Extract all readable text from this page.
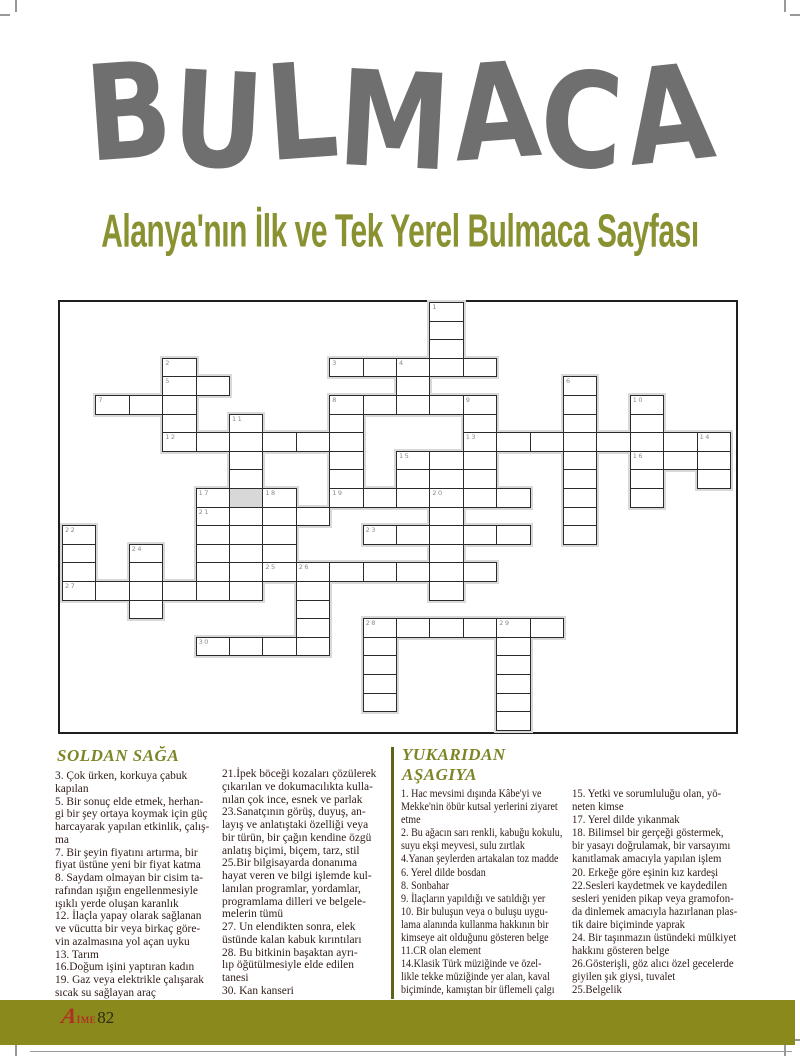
BULMACA
Alanya'nın İlk ve Tek Yerel Bulmaca Sayfası
1
2
5
12
3	4
6
7	8	9
13
10
16
11
14
15
17
21
18	19	20
22
27
23
24
25	26
28	29
30
SOLDAN SAĞA	YUKARIDAN
AŞAGIYA
3. Çok ürken, korkuya çabuk
kapılan
5. Bir sonuç elde etmek, herhan-
gi bir şey ortaya koymak için güç
harcayarak yapılan etkinlik, çalış-
ma
7. Bir şeyin fiyatını artırma, bir
fiyat üstüne yeni bir fiyat katma
8. Saydam olmayan bir cisim ta-
rafından ışığın engellenmesiyle
ışıklı yerde oluşan karanlık
12. İlaçla yapay olarak sağlanan
ve vücutta bir veya birkaç göre-
vin azalmasına yol açan uyku
13. Tarım
16.Doğum işini yaptıran kadın
19. Gaz veya elektrikle çalışarak
sıcak su sağlayan araç
21.İpek böceği kozaları çözülerek
çıkarılan ve dokumacılıkta kulla-
nılan çok ince, esnek ve parlak
23.Sanatçının görüş, duyuş, an-
layış ve anlatıştaki özelliği veya
bir türün, bir çağın kendine özgü
anlatış biçimi, biçem, tarz, stil
25.Bir bilgisayarda donanıma
hayat veren ve bilgi işlemde kul-
lanılan programlar, yordamlar,
programlama dilleri ve belgele-
melerin tümü
27. Un elendikten sonra, elek
üstünde kalan kabuk kırıntıları
28. Bu bitkinin başaktan ayrı-
lıp öğütülmesiyle elde edilen
tanesi
30. Kan kanseri
1. Hac mevsimi dışında Kâbe'yi ve
Mekke'nin öbür kutsal yerlerini ziyaret
etme
2. Bu ağacın sarı renkli, kabuğu kokulu,
suyu ekşi meyvesi, sulu zırtlak
4.Yanan şeylerden artakalan toz madde
6. Yerel dilde bosdan
8. Sonbahar
9. İlaçların yapıldığı ve satıldığı yer
10. Bir buluşun veya o buluşu uygu-
lama alanında kullanma hakkının bir
kimseye ait olduğunu gösteren belge
11.CR olan element
14.Klasik Türk müziğinde ve özel-
likle tekke müziğinde yer alan, kaval
biçiminde, kamıştan bir üflemeli çalgı
15. Yetki ve sorumluluğu olan, yö-
neten kimse
17. Yerel dilde yıkanmak
18. Bilimsel bir gerçeği göstermek,
bir yasayı doğrulamak, bir varsayımı
kanıtlamak amacıyla yapılan işlem
20. Erkeğe göre eşinin kız kardeşi
22.Sesleri kaydetmek ve kaydedilen
sesleri yeniden pikap veya gramofon-
da dinlemek amacıyla hazırlanan plas-
tik daire biçiminde yaprak
24. Bir taşınmazın üstündeki mülkiyet
hakkını gösteren belge
26.Gösterişli, göz alıcı özel gecelerde
giyilen şık giysi, tuvalet
25.Belgelik
AİME82
